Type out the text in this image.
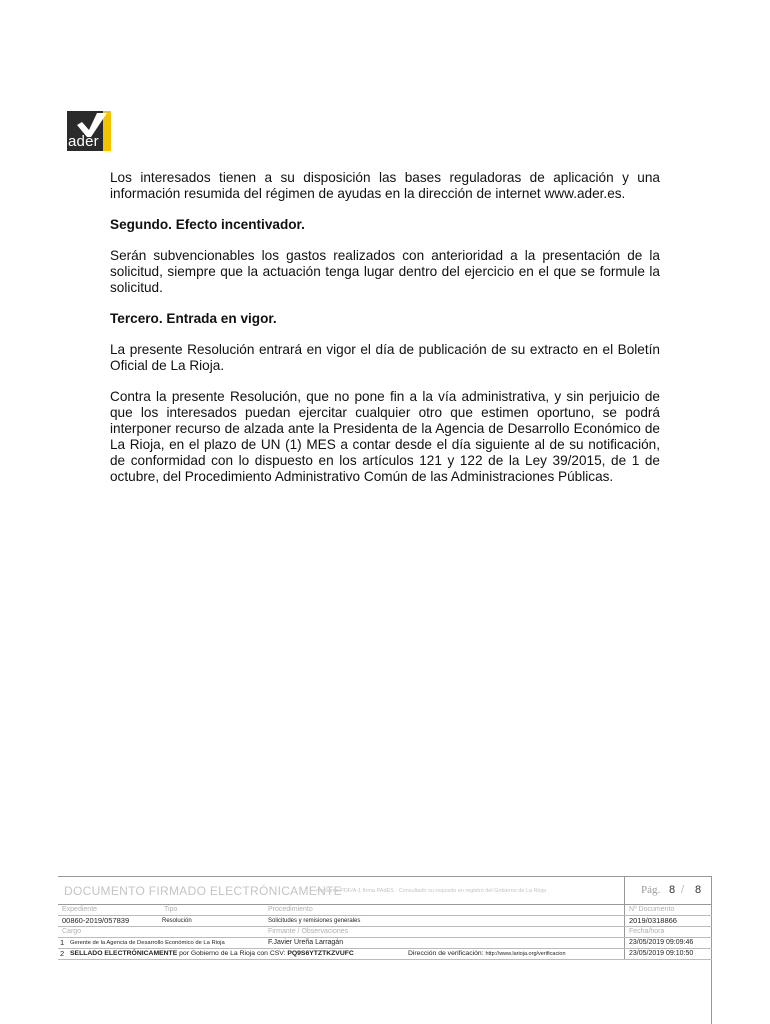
ader

Los interesados tienen a su disposición las bases reguladoras de aplicación y una información resumida del régimen de ayudas en la dirección de internet www.ader.es.

Segundo. Efecto incentivador.

Serán subvencionables los gastos realizados con anterioridad a la presentación de la solicitud, siempre que la actuación tenga lugar dentro del ejercicio en el que se formule la solicitud.

Tercero. Entrada en vigor.

La presente Resolución entrará en vigor el día de publicación de su extracto en el Boletín Oficial de La Rioja.

Contra la presente Resolución, que no pone fin a la vía administrativa, y sin perjuicio de que los interesados puedan ejercitar cualquier otro que estimen oportuno, se podrá interponer recurso de alzada ante la Presidenta de la Agencia de Desarrollo Económico de La Rioja, en el plazo de UN (1) MES a contar desde el día siguiente al de su notificación, de conformidad con lo dispuesto en los artículos 121 y 122 de la Ley 39/2015, de 1 de octubre, del Procedimiento Administrativo Común de las Administraciones Públicas.

DOCUMENTO FIRMADO ELECTRÓNICAMENTE
mediante PDF/A-1 firma PAdES · Consultado su requisito en registro del Gobierno de La Rioja	Pág. 8 / 8
Expediente	Tipo	Procedimiento	Nº Documento
00860-2019/057839	Resolución	Solicitudes y remisiones generales	2019/0318866
Cargo	Firmante / Observaciones	Fecha/hora
1 Gerente de la Agencia de Desarrollo Económico de La Rioja	F.Javier Ureña Larragán	23/05/2019 09:09:46
2 SELLADO ELECTRÓNICAMENTE por Gobierno de La Rioja con CSV: PQ9S6YTZTKZVUFC	Dirección de verificación: http://www.larioja.org/verificacion	23/05/2019 09:10:50
